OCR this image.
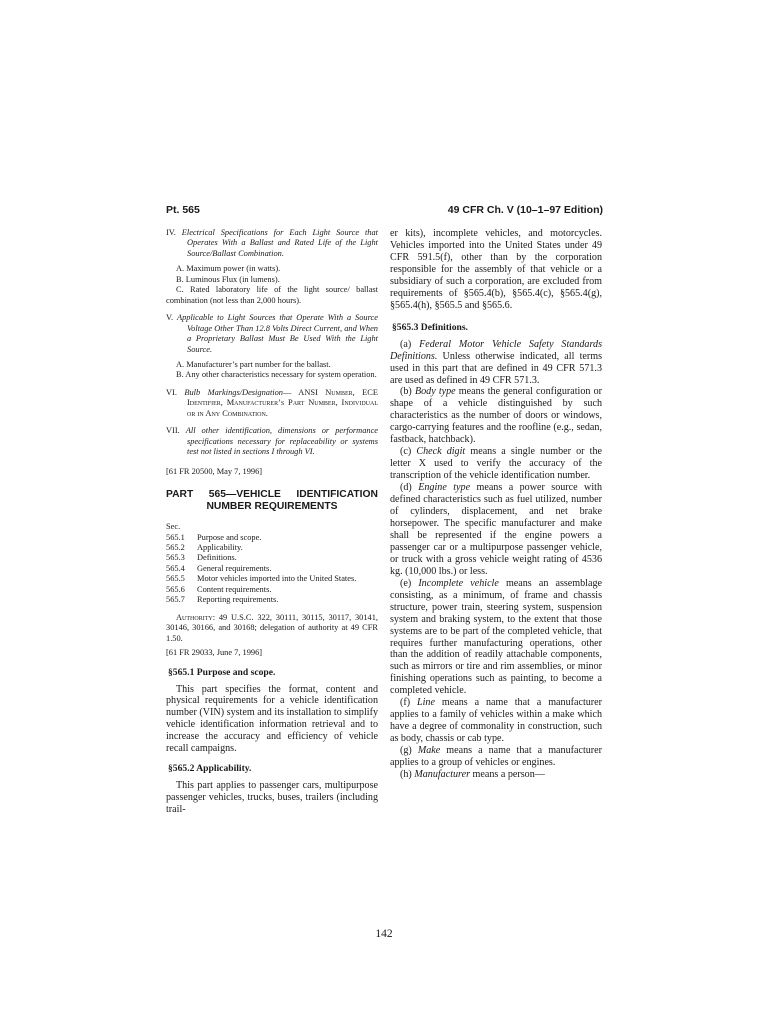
Pt. 565	49 CFR Ch. V (10–1–97 Edition)

IV. Electrical Specifications for Each Light Source that Operates With a Ballast and Rated Life of the Light Source/Ballast Combination.

A. Maximum power (in watts).

B. Luminous Flux (in lumens).

C. Rated laboratory life of the light source/ ballast combination (not less than 2,000 hours).

V. Applicable to Light Sources that Operate With a Source Voltage Other Than 12.8 Volts Direct Current, and When a Proprietary Ballast Must Be Used With the Light Source.

A. Manufacturer’s part number for the ballast.

B. Any other characteristics necessary for system operation.

VI. Bulb Markings/Designation— ANSI Number, ECE Identifier, Manufacturer’s Part Number, Individual or in Any Combination.

VII. All other identification, dimensions or performance specifications necessary for replaceability or systems test not listed in sections I through VI.

[61 FR 20500, May 7, 1996]

PART 565—VEHICLE IDENTIFICATION NUMBER REQUIREMENTS

Sec.

565.1	Purpose and scope.
565.2	Applicability.
565.3	Definitions.
565.4	General requirements.
565.5	Motor vehicles imported into the United States.
565.6	Content requirements.
565.7	Reporting requirements.

Authority: 49 U.S.C. 322, 30111, 30115, 30117, 30141, 30146, 30166, and 30168; delegation of authority at 49 CFR 1.50.

[61 FR 29033, June 7, 1996]

§565.1 Purpose and scope.

This part specifies the format, content and physical requirements for a vehicle identification number (VIN) system and its installation to simplify vehicle identification information retrieval and to increase the accuracy and efficiency of vehicle recall campaigns.

§565.2 Applicability.

This part applies to passenger cars, multipurpose passenger vehicles, trucks, buses, trailers (including trail-

er kits), incomplete vehicles, and motorcycles. Vehicles imported into the United States under 49 CFR 591.5(f), other than by the corporation responsible for the assembly of that vehicle or a subsidiary of such a corporation, are excluded from requirements of §565.4(b), §565.4(c), §565.4(g), §565.4(h), §565.5 and §565.6.

§565.3 Definitions.

(a) Federal Motor Vehicle Safety Standards Definitions. Unless otherwise indicated, all terms used in this part that are defined in 49 CFR 571.3 are used as defined in 49 CFR 571.3.

(b) Body type means the general configuration or shape of a vehicle distinguished by such characteristics as the number of doors or windows, cargo-carrying features and the roofline (e.g., sedan, fastback, hatchback).

(c) Check digit means a single number or the letter X used to verify the accuracy of the transcription of the vehicle identification number.

(d) Engine type means a power source with defined characteristics such as fuel utilized, number of cylinders, displacement, and net brake horsepower. The specific manufacturer and make shall be represented if the engine powers a passenger car or a multipurpose passenger vehicle, or truck with a gross vehicle weight rating of 4536 kg. (10,000 lbs.) or less.

(e) Incomplete vehicle means an assemblage consisting, as a minimum, of frame and chassis structure, power train, steering system, suspension system and braking system, to the extent that those systems are to be part of the completed vehicle, that requires further manufacturing operations, other than the addition of readily attachable components, such as mirrors or tire and rim assemblies, or minor finishing operations such as painting, to become a completed vehicle.

(f) Line means a name that a manufacturer applies to a family of vehicles within a make which have a degree of commonality in construction, such as body, chassis or cab type.

(g) Make means a name that a manufacturer applies to a group of vehicles or engines.

(h) Manufacturer means a person—

142
